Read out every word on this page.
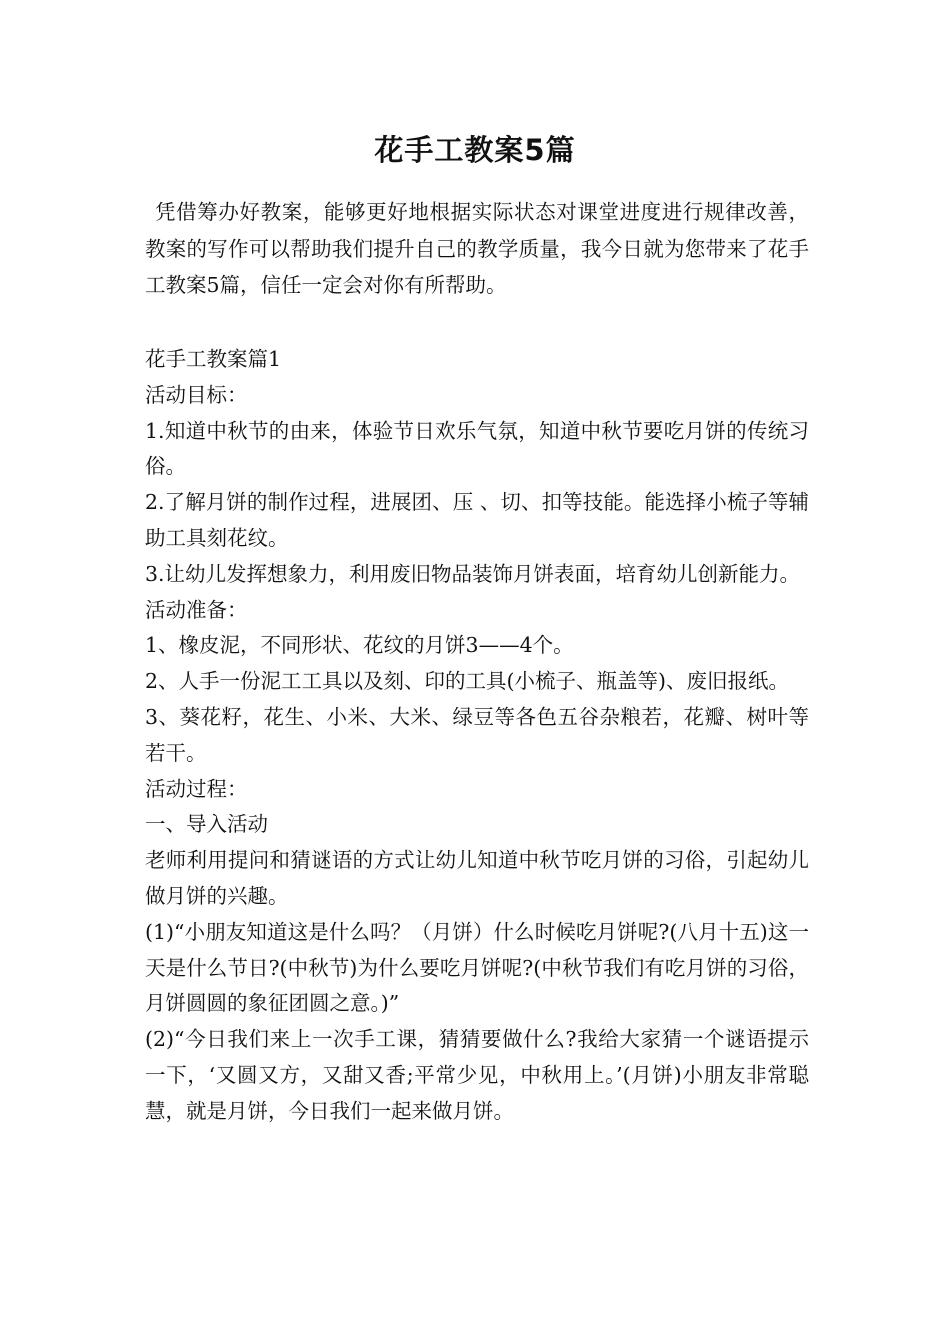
花手工教案5篇

凭借筹办好教案，能够更好地根据实际状态对课堂进度进行规律改善，教案的写作可以帮助我们提升自己的教学质量，我今日就为您带来了花手工教案5篇，信任一定会对你有所帮助。

花手工教案篇1
活动目标：
1.知道中秋节的由来，体验节日欢乐气氛，知道中秋节要吃月饼的传统习俗。
2.了解月饼的制作过程，进展团、压 、切、扣等技能。能选择小梳子等辅助工具刻花纹。
3.让幼儿发挥想象力，利用废旧物品装饰月饼表面，培育幼儿创新能力。
活动准备：
1、橡皮泥，不同形状、花纹的月饼3——4个。
2、人手一份泥工工具以及刻、印的工具(小梳子、瓶盖等)、废旧报纸。
3、葵花籽，花生、小米、大米、绿豆等各色五谷杂粮若，花瓣、树叶等若干。
活动过程：
一、导入活动
老师利用提问和猜谜语的方式让幼儿知道中秋节吃月饼的习俗，引起幼儿做月饼的兴趣。
(1)“小朋友知道这是什么吗？（月饼）什么时候吃月饼呢?(八月十五)这一天是什么节日?(中秋节)为什么要吃月饼呢?(中秋节我们有吃月饼的习俗，月饼圆圆的象征团圆之意。)”
(2)“今日我们来上一次手工课，猜猜要做什么?我给大家猜一个谜语提示一下，‘又圆又方，又甜又香;平常少见，中秋用上。’(月饼)小朋友非常聪慧，就是月饼，今日我们一起来做月饼。
